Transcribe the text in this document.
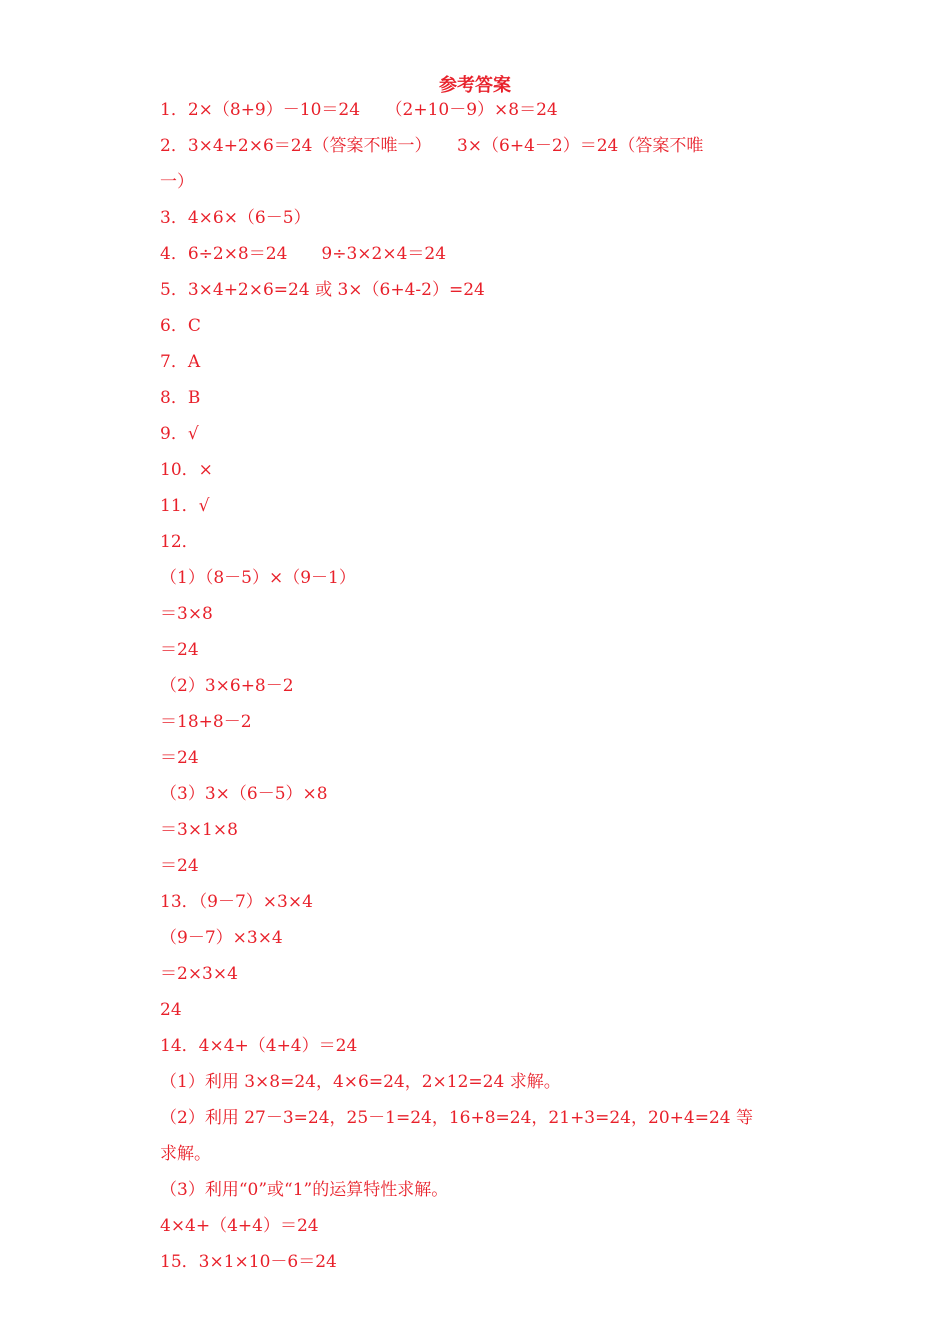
参考答案
1．2×（8+9）－10＝24　　（2+10－9）×8＝24
2．3×4+2×6＝24（答案不唯一）　　3×（6+4－2）＝24（答案不唯
一）
3．4×6×（6－5）
4．6÷2×8＝24　　9÷3×2×4＝24
5．3×4+2×6=24 或 3×（6+4-2）=24
6．C
7．A
8．B
9．√
10．×
11．√
12．
（1）（8－5）×（9－1）
＝3×8
＝24
（2）3×6+8－2
＝18+8－2
＝24
（3）3×（6－5）×8
＝3×1×8
＝24
13．（9－7）×3×4
（9－7）×3×4
＝2×3×4
24
14．4×4+（4+4）＝24
（1）利用 3×8=24，4×6=24，2×12=24 求解。
（2）利用 27－3=24，25－1=24，16+8=24，21+3=24，20+4=24 等
求解。
（3）利用“0”或“1”的运算特性求解。
4×4+（4+4）＝24
15．3×1×10－6＝24
